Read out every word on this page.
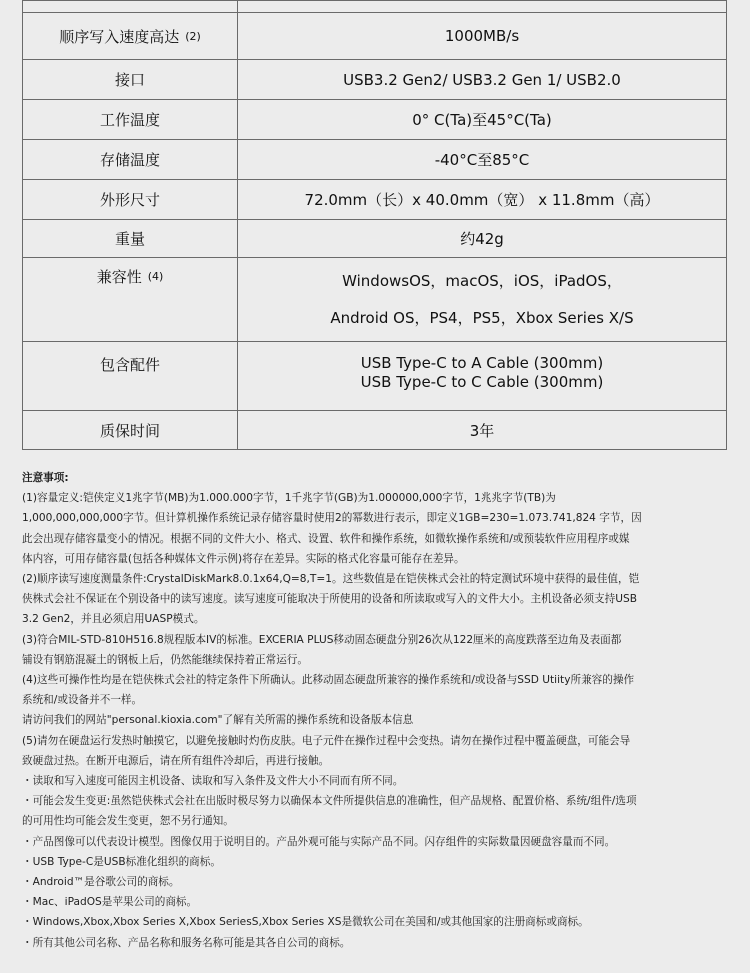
顺序写入速度高达 (2)	1000MB/s
接口	USB3.2 Gen2/ USB3.2 Gen 1/ USB2.0
工作温度	0° C(Ta)至45°C(Ta)
存储温度	-40°C至85°C
外形尺寸	72.0mm（长）x 40.0mm（宽） x 11.8mm（高）
重量	约42g
兼容性 (4)	WindowsOS，macOS，iOS，iPadOS，
Android OS，PS4，PS5，Xbox Series X/S

包含配件	USB Type-C to A Cable (300mm)
USB Type-C to C Cable (300mm)

质保时间	3年

注意事项:

(1)容量定义:铠侠定义1兆字节(MB)为1.000.000字节，1千兆字节(GB)为1.000000,000字节，1兆兆字节(TB)为

1,000,000,000,000字节。但计算机操作系统记录存储容量时使用2的幂数进行表示，即定义1GB=230=1.073.741,824 字节，因

此会出现存储容量变小的情况。根据不同的文件大小、格式、设置、软件和操作系统，如微软操作系统和/或预装软件应用程序或媒

体内容，可用存储容量(包括各种媒体文件示例)将存在差异。实际的格式化容量可能存在差异。

(2)顺序读写速度测量条件:CrystalDiskMark8.0.1x64,Q=8,T=1。这些数值是在铠侠株式会社的特定测试环境中获得的最佳值，铠

侠株式会社不保证在个别设备中的读写速度。读写速度可能取决于所使用的设备和所读取或写入的文件大小。主机设备必须支持USB

3.2 Gen2，并且必须启用UASP模式。

(3)符合MIL-STD-810H516.8规程版本IV的标准。EXCERIA PLUS移动固态硬盘分别26次从122厘米的高度跌落至边角及表面都

铺设有钢筋混凝土的钢板上后，仍然能继续保持着正常运行。

(4)这些可操作性均是在铠侠株式会社的特定条件下所确认。此移动固态硬盘所兼容的操作系统和/或设备与SSD Utiity所兼容的操作

系统和/或设备并不一样。

请访问我们的网站"personal.kioxia.com"了解有关所需的操作系统和设备版本信息

(5)请勿在硬盘运行发热时触摸它，以避免接触时灼伤皮肤。电子元件在操作过程中会变热。请勿在操作过程中覆盖硬盘，可能会导

致硬盘过热。在断开电源后，请在所有组件冷却后，再进行接触。

・读取和写入速度可能因主机设备、读取和写入条件及文件大小不同而有所不同。

・可能会发生变更:虽然铠侠株式会社在出版时极尽努力以确保本文件所提供信息的准确性，但产品规格、配置价格、系统/组件/选项

的可用性均可能会发生变更，恕不另行通知。

・产品图像可以代表设计模型。图像仅用于说明目的。产品外观可能与实际产品不同。闪存组件的实际数量因硬盘容量而不同。

・USB Type-C是USB标准化组织的商标。

・Android™是谷歌公司的商标。

・Mac、iPadOS是苹果公司的商标。

・Windows,Xbox,Xbox Series X,Xbox SeriesS,Xbox Series XS是微软公司在美国和/或其他国家的注册商标或商标。

・所有其他公司名称、产品名称和服务名称可能是其各自公司的商标。
